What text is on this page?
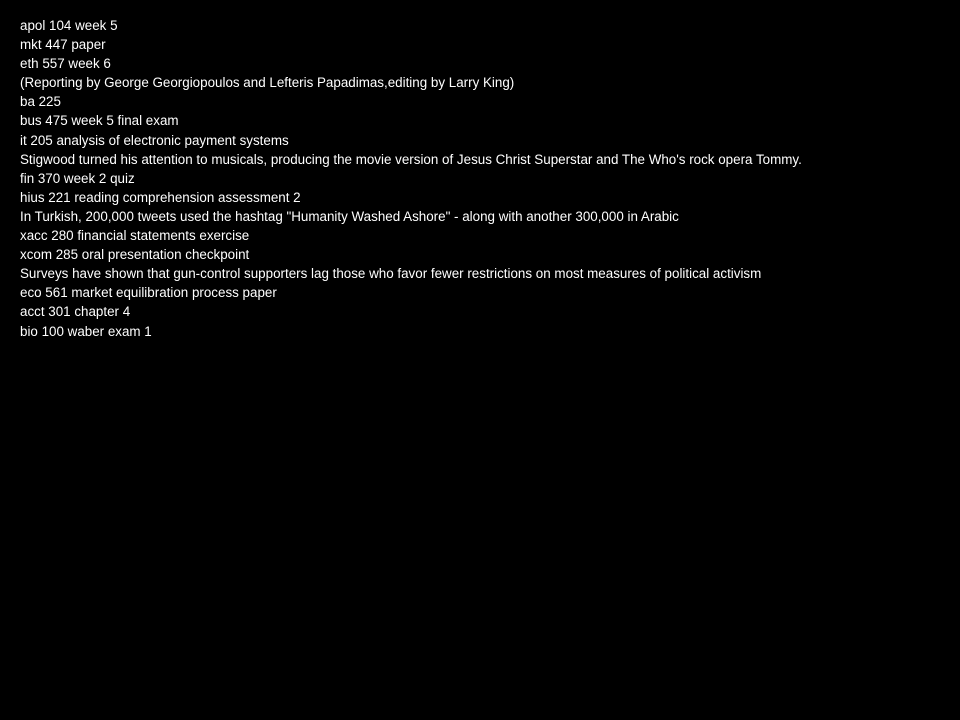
apol 104 week 5
mkt 447 paper
eth 557 week 6
(Reporting by George Georgiopoulos and Lefteris Papadimas,editing by Larry King)
ba 225
bus 475 week 5 final exam
it 205 analysis of electronic payment systems
Stigwood turned his attention to musicals, producing the movie version of Jesus Christ Superstar and The Who's rock opera Tommy.
fin 370 week 2 quiz
hius 221 reading comprehension assessment 2
In Turkish, 200,000 tweets used the hashtag "Humanity Washed Ashore" - along with another 300,000 in Arabic
xacc 280 financial statements exercise
xcom 285 oral presentation checkpoint
Surveys have shown that gun-control supporters lag those who favor fewer restrictions on most measures of political activism
eco 561 market equilibration process paper
acct 301 chapter 4
bio 100 waber exam 1
